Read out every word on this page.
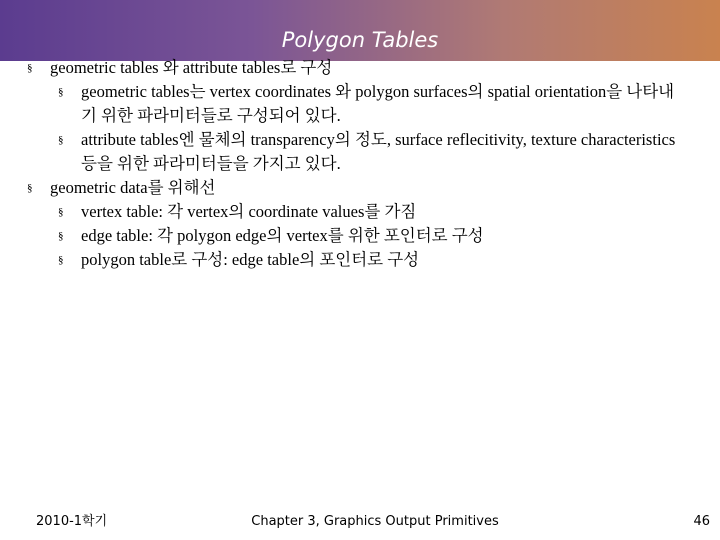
Polygon Tables
§ geometric tables 와 attribute tables로 구성
§ geometric tables는 vertex coordinates 와 polygon surfaces의 spatial orientation을 나타내기 위한 파라미터들로 구성되어 있다.
§ attribute tables엔 물체의 transparency의 정도, surface reflecitivity, texture characteristics등을 위한 파라미터들을 가지고 있다.
§ geometric data를 위해선
§ vertex table: 각 vertex의 coordinate values를 가짐
§ edge table: 각 polygon edge의 vertex를 위한 포인터로 구성
§ polygon table로 구성: edge table의 포인터로 구성
2010-1학기	Chapter 3, Graphics Output Primitives	46
